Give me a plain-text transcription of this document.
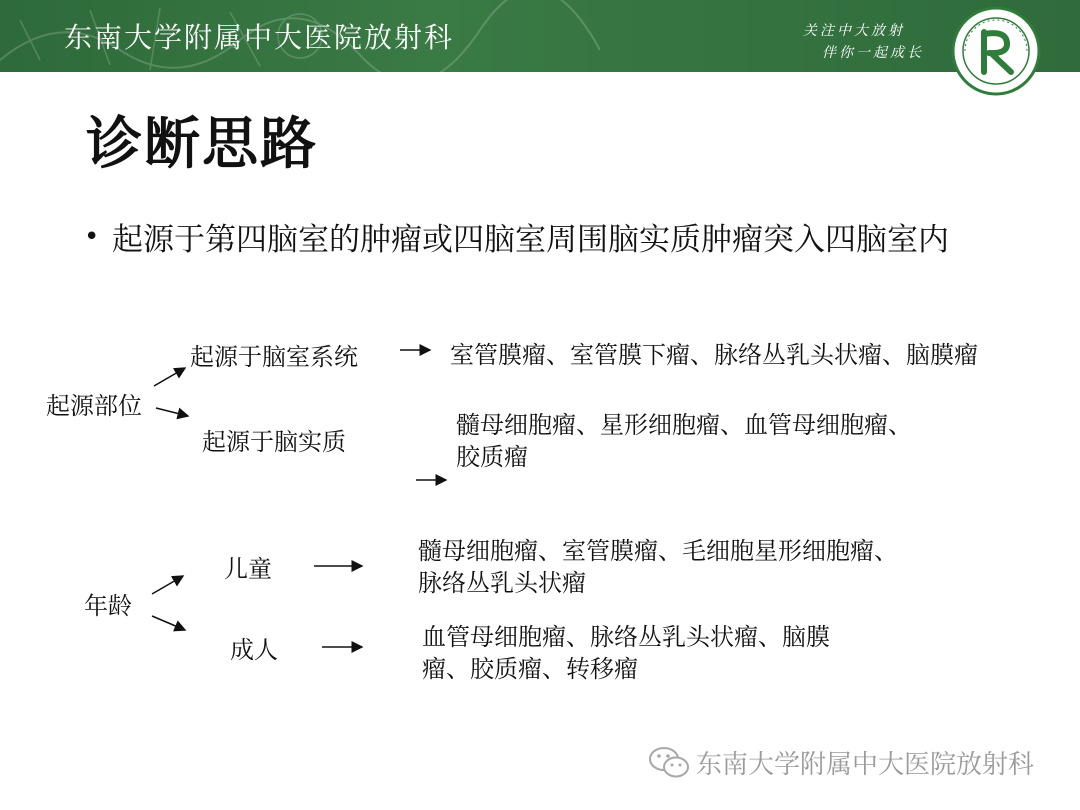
东南大学附属中大医院放射科	关注中大放射
伴你一起成长
诊断思路
• 起源于第四脑室的肿瘤或四脑室周围脑实质肿瘤突入四脑室内
起源部位
起源于脑室系统	室管膜瘤、室管膜下瘤、脉络丛乳头状瘤、脑膜瘤
起源于脑实质
髓母细胞瘤、星形细胞瘤、血管母细胞瘤、
胶质瘤
年龄
儿童
髓母细胞瘤、室管膜瘤、毛细胞星形细胞瘤、
脉络丛乳头状瘤
成人	血管母细胞瘤、脉络丛乳头状瘤、脑膜
瘤、胶质瘤、转移瘤
东南大学附属中大医院放射科
